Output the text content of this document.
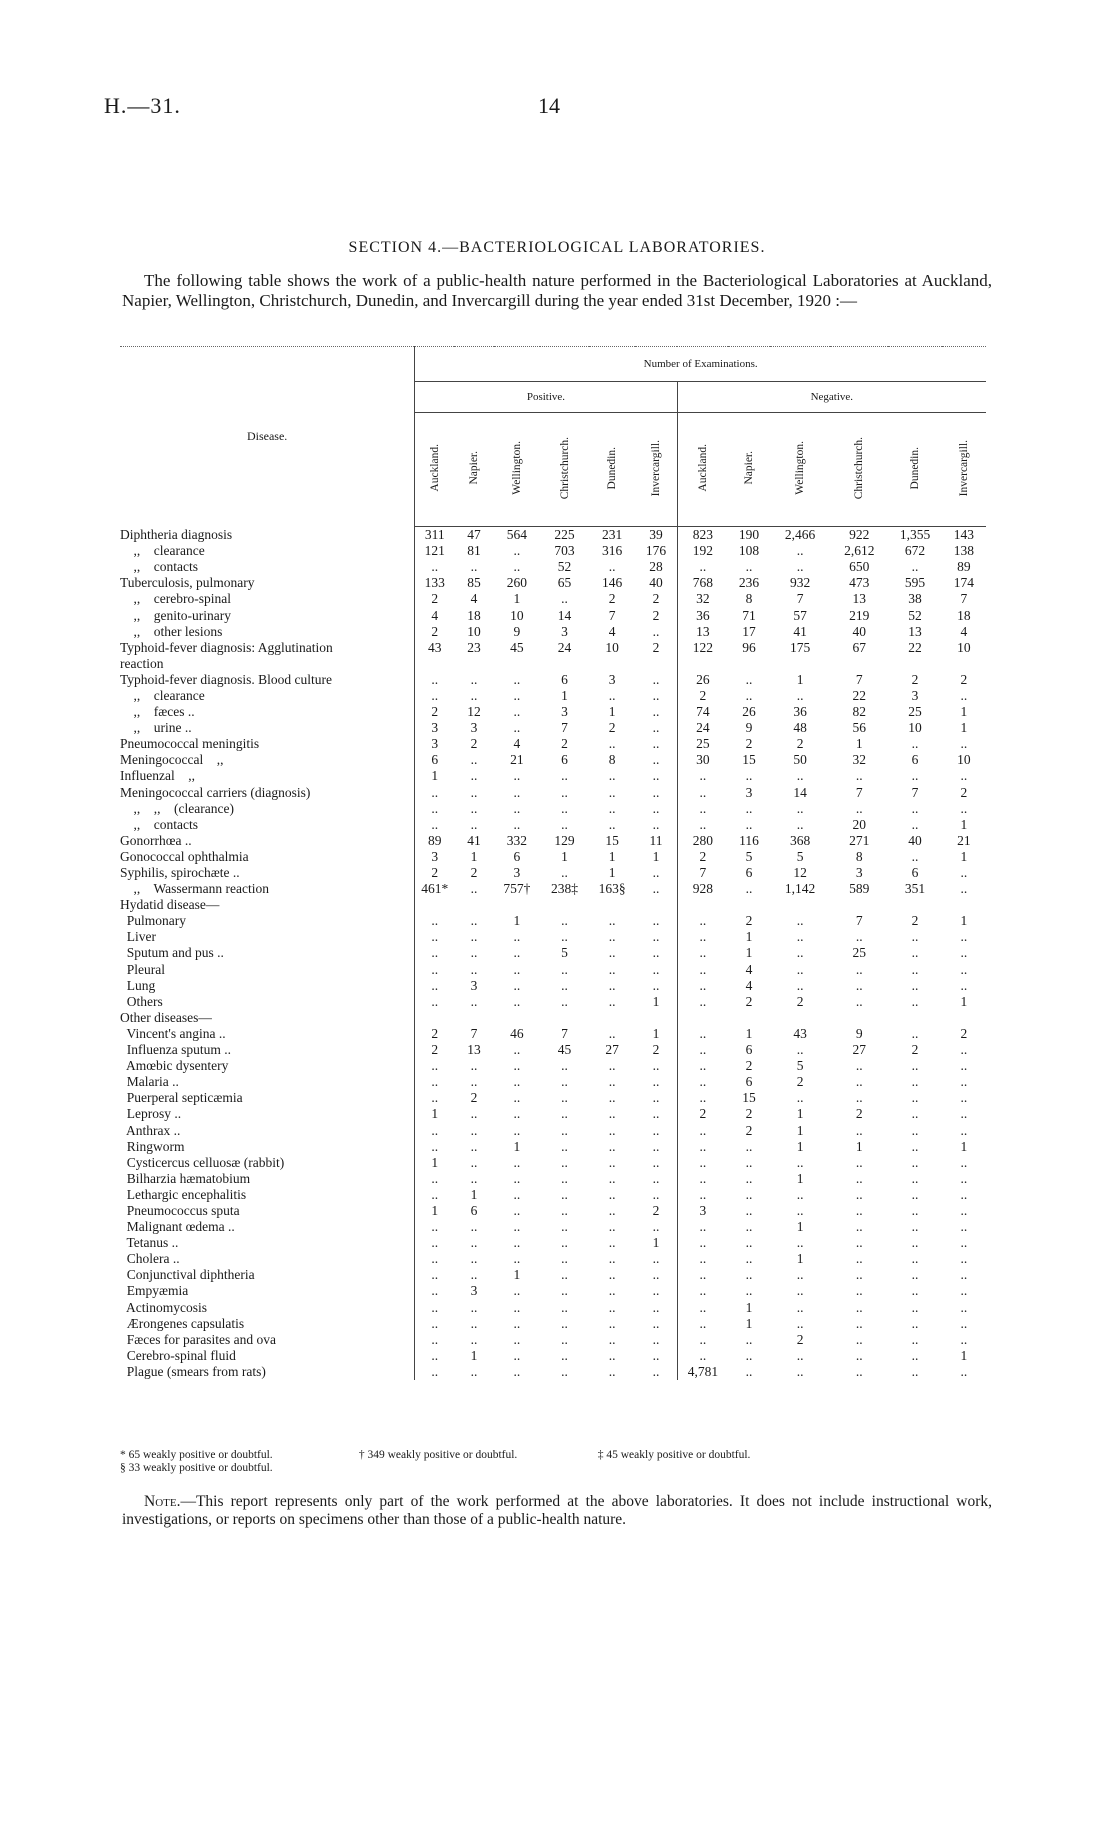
H.—31.	14
SECTION 4.—BACTERIOLOGICAL LABORATORIES.
The following table shows the work of a public-health nature performed in the Bacteriological Laboratories at Auckland, Napier, Wellington, Christchurch, Dunedin, and Invercargill during the year ended 31st December, 1920 :—
Disease.	Number of Examinations.											
	Positive.						Negative.					
	Auckland.	Napier.	Wellington.	Christchurch.	Dunedin.	Invercargill.	Auckland.	Napier.	Wellington.	Christchurch.	Dunedin.	Invercargill.
Diphtheria diagnosis	311	47	564	225	231	39	823	190	2,466	922	1,355	143
,,    clearance	121	81	..	703	316	176	192	108	..	2,612	672	138
,,    contacts	..	..	..	52	..	28	..	..	..	650	..	89
Tuberculosis, pulmonary	133	85	260	65	146	40	768	236	932	473	595	174
,,    cerebro-spinal	2	4	1	..	2	2	32	8	7	13	38	7
,,    genito-urinary	4	18	10	14	7	2	36	71	57	219	52	18
,,    other lesions	2	10	9	3	4	..	13	17	41	40	13	4
Typhoid-fever diagnosis: Agglutination	43	23	45	24	10	2	122	96	175	67	22	10
reaction												
Typhoid-fever diagnosis. Blood culture	..	..	..	6	3	..	26	..	1	7	2	2
,,    clearance	..	..	..	1	..	..	2	..	..	22	3	..
,,    fæces ..	2	12	..	3	1	..	74	26	36	82	25	1
,,    urine ..	3	3	..	7	2	..	24	9	48	56	10	1
Pneumococcal meningitis	3	2	4	2	..	..	25	2	2	1	..	..
Meningococcal    ,,	6	..	21	6	8	..	30	15	50	32	6	10
Influenzal    ,,	1	..	..	..	..	..	..	..	..	..	..	..
Meningococcal carriers (diagnosis)	..	..	..	..	..	..	..	3	14	7	7	2
,,    ,,    (clearance)	..	..	..	..	..	..	..	..	..	..	..	..
,,    contacts	..	..	..	..	..	..	..	..	..	20	..	1
Gonorrhœa ..	89	41	332	129	15	11	280	116	368	271	40	21
Gonococcal ophthalmia	3	1	6	1	1	1	2	5	5	8	..	1
Syphilis, spirochæte ..	2	2	3	..	1	..	7	6	12	3	6	..
,,    Wassermann reaction	461*	..	757†	238‡	163§	..	928	..	1,142	589	351	..
Hydatid disease—												
Pulmonary	..	..	1	..	..	..	..	2	..	7	2	1
Liver	..	..	..	..	..	..	..	1	..	..	..	..
Sputum and pus ..	..	..	..	5	..	..	..	1	..	25	..	..
Pleural	..	..	..	..	..	..	..	4	..	..	..	..
Lung	..	3	..	..	..	..	..	4	..	..	..	..
Others	..	..	..	..	..	1	..	2	2	..	..	1
Other diseases—												
Vincent's angina ..	2	7	46	7	..	1	..	1	43	9	..	2
Influenza sputum ..	2	13	..	45	27	2	..	6	..	27	2	..
Amœbic dysentery	..	..	..	..	..	..	..	2	5	..	..	..
Malaria ..	..	..	..	..	..	..	..	6	2	..	..	..
Puerperal septicæmia	..	2	..	..	..	..	..	15	..	..	..	..
Leprosy ..	1	..	..	..	..	..	2	2	1	2	..	..
Anthrax ..	..	..	..	..	..	..	..	2	1	..	..	..
Ringworm	..	..	1	..	..	..	..	..	1	1	..	1
Cysticercus celluosæ (rabbit)	1	..	..	..	..	..	..	..	..	..	..	..
Bilharzia hæmatobium	..	..	..	..	..	..	..	..	1	..	..	..
Lethargic encephalitis	..	1	..	..	..	..	..	..	..	..	..	..
Pneumococcus sputa	1	6	..	..	..	2	3	..	..	..	..	..
Malignant œdema ..	..	..	..	..	..	..	..	..	1	..	..	..
Tetanus ..	..	..	..	..	..	1	..	..	..	..	..	..
Cholera ..	..	..	..	..	..	..	..	..	1	..	..	..
Conjunctival diphtheria	..	..	1	..	..	..	..	..	..	..	..	..
Empyæmia	..	3	..	..	..	..	..	..	..	..	..	..
Actinomycosis	..	..	..	..	..	..	..	1	..	..	..	..
Ærongenes capsulatis	..	..	..	..	..	..	..	1	..	..	..	..
Fæces for parasites and ova	..	..	..	..	..	..	..	..	2	..	..	..
Cerebro-spinal fluid	..	1	..	..	..	..	..	..	..	..	..	1
Plague (smears from rats)	..	..	..	..	..	..	4,781	..	..	..	..	..
* 65 weakly positive or doubtful.	† 349 weakly positive or doubtful.	‡ 45 weakly positive or doubtful. § 33 weakly positive or doubtful.
Note.—This report represents only part of the work performed at the above laboratories. It does not include instructional work, investigations, or reports on specimens other than those of a public-health nature.
